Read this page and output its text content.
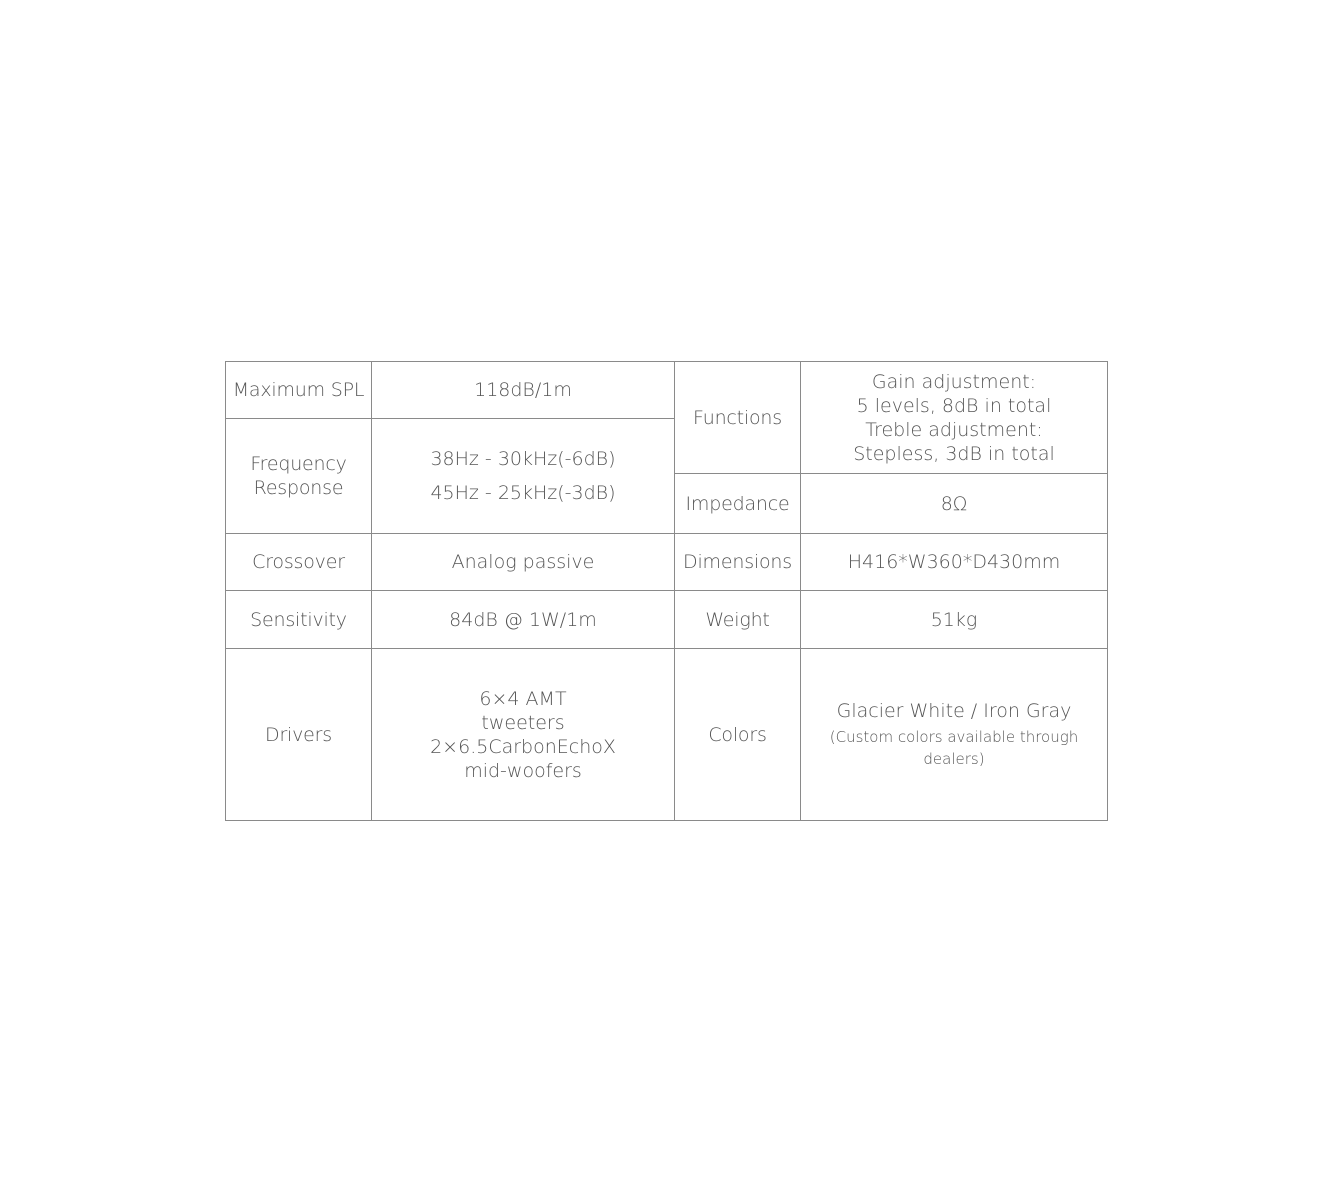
Maximum SPL	118dB/1m	Functions	Gain adjustment:
5 levels, 8dB in total
Treble adjustment:
Stepless, 3dB in total

Frequency
Response	38Hz - 30kHz(-6dB)
45Hz - 25kHz(-3dB)		

		Impedance	8Ω
Crossover	Analog passive	Dimensions	H416*W360*D430mm
Sensitivity	84dB @ 1W/1m	Weight	51kg
Drivers	6×4 AMT
tweeters
2×6.5CarbonEchoX
mid-woofers	Colors	Glacier White / Iron Gray
(Custom colors available through dealers)
